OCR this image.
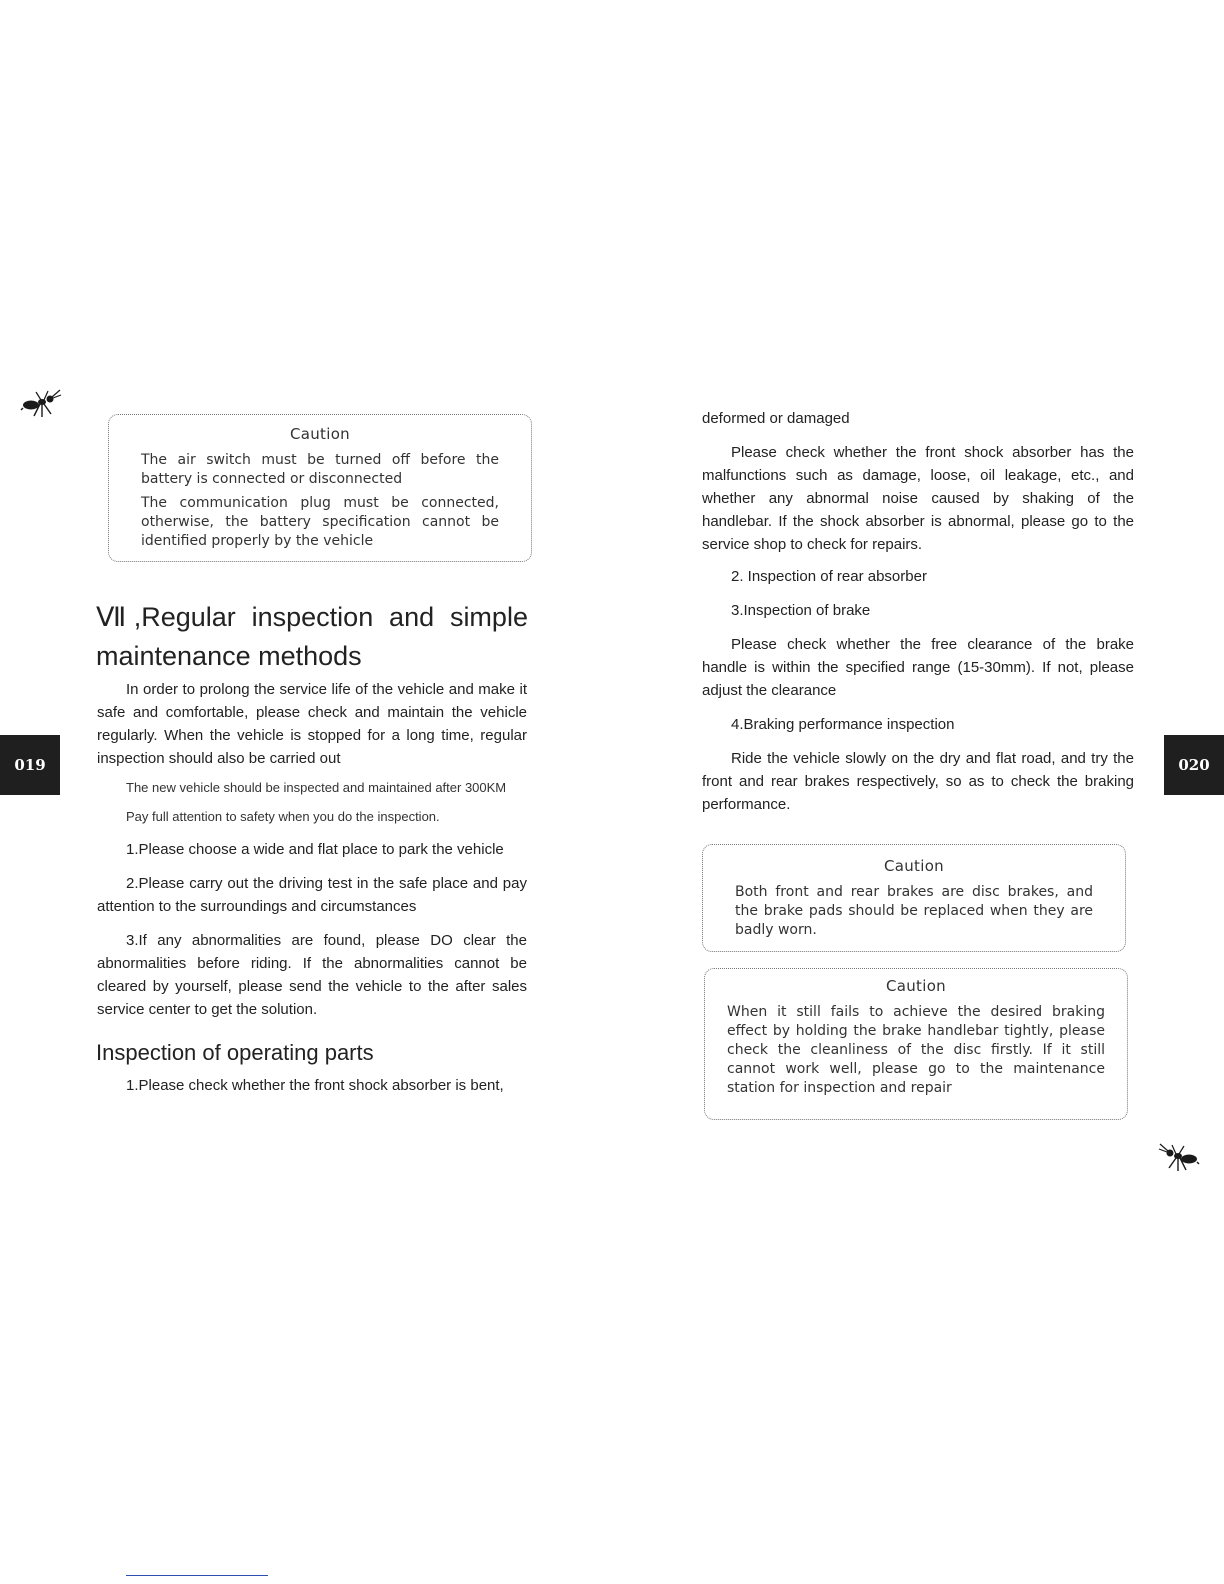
Caution

The air switch must be turned off before the battery is connected or disconnected

The communication plug must be connected, otherwise, the battery specification cannot be identified properly by the vehicle

Ⅶ ,Regular inspection and simple
maintenance methods

In order to prolong the service life of the vehicle and make it safe and comfortable, please check and maintain the vehicle regularly. When the vehicle is stopped for a long time, regular inspection should also be carried out

The new vehicle should be inspected and maintained after 300KM
Pay full attention to safety when you do the inspection.

1.Please choose a wide and flat place to park the vehicle

2.Please carry out the driving test in the safe place and pay attention to the surroundings and circumstances

3.If any abnormalities are found, please DO clear the abnormalities before riding. If the abnormalities cannot be cleared by yourself, please send the vehicle to the after sales service center to get the solution.

Inspection of operating parts

1.Please check whether the front shock absorber is bent,

019

deformed or damaged

Please check whether the front shock absorber has the malfunctions such as damage, loose, oil leakage, etc., and whether any abnormal noise caused by shaking of the handlebar. If the shock absorber is abnormal, please go to the service shop to check for repairs.

2. Inspection of rear absorber

3.Inspection of brake

Please check whether the free clearance of the brake handle is within the specified range (15-30mm). If not, please adjust the clearance

4.Braking performance inspection

Ride the vehicle slowly on the dry and flat road, and try the front and rear brakes respectively, so as to check the braking performance.

Caution

Both front and rear brakes are disc brakes, and the brake pads should be replaced when they are badly worn.

Caution

When it still fails to achieve the desired braking effect by holding the brake handlebar tightly, please check the cleanliness of the disc firstly. If it still cannot work well, please go to the maintenance station for inspection and repair

020
